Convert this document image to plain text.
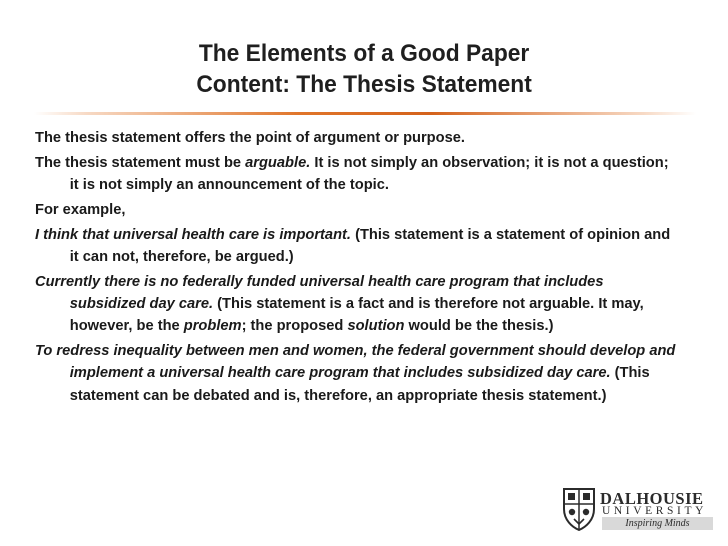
The Elements of a Good Paper
Content: The Thesis Statement

The thesis statement offers the point of argument or purpose.

The thesis statement must be arguable. It is not simply an observation; it is not a question; it is not simply an announcement of the topic.

For example,

I think that universal health care is important. (This statement is a statement of opinion and it can not, therefore, be argued.)

Currently there is no federally funded universal health care program that includes subsidized day care. (This statement is a fact and is therefore not arguable. It may, however, be the problem; the proposed solution would be the thesis.)

To redress inequality between men and women, the federal government should develop and implement a universal health care program that includes subsidized day care. (This statement can be debated and is, therefore, an appropriate thesis statement.)

DALHOUSIE
UNIVERSITY
Inspiring Minds
